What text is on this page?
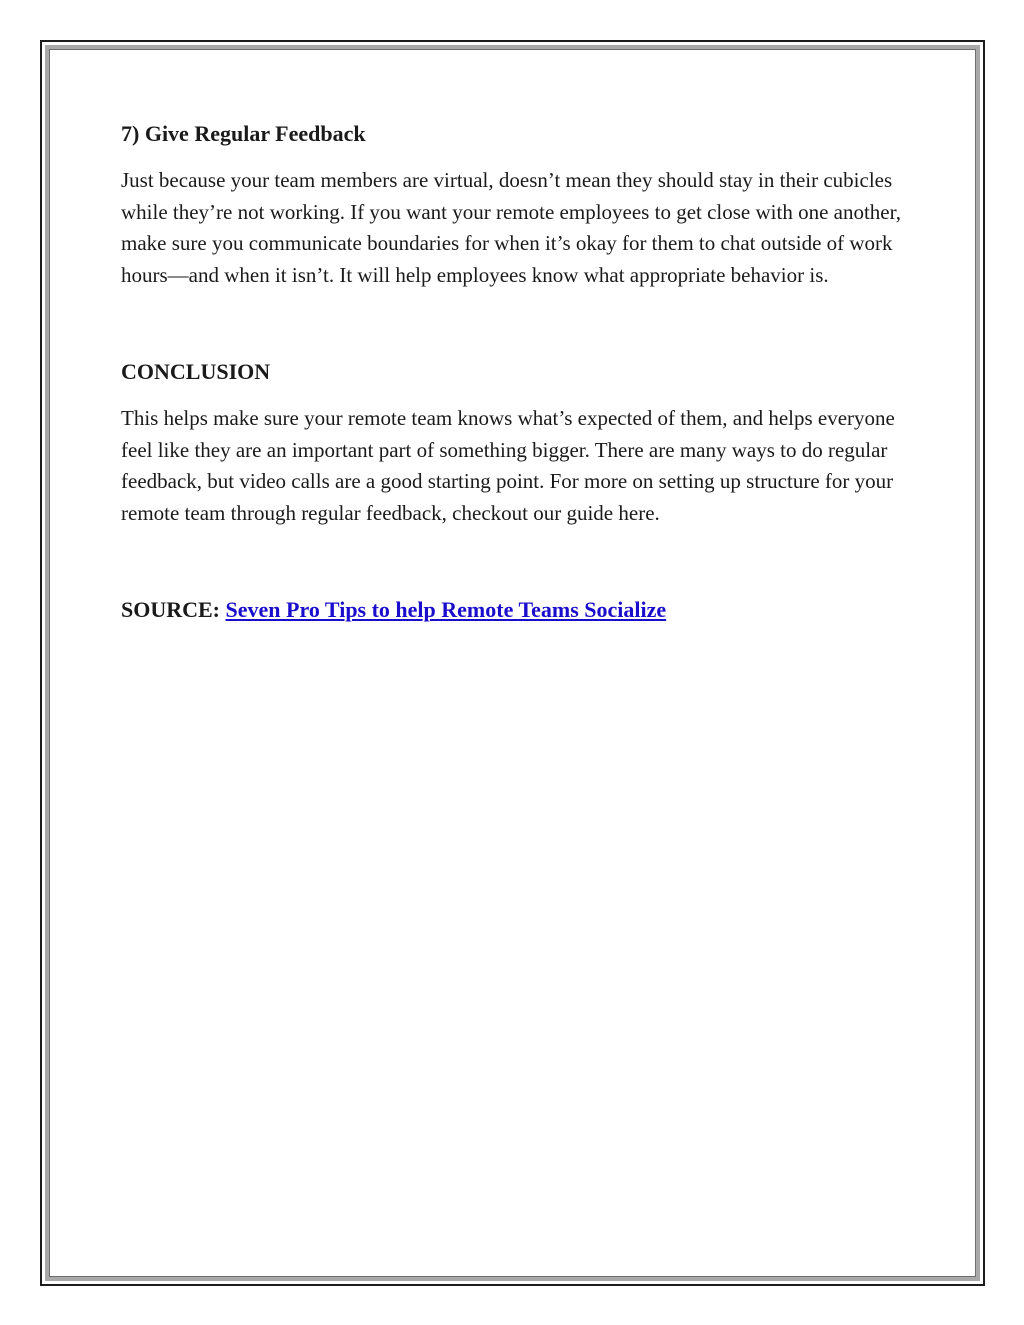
7) Give Regular Feedback

Just because your team members are virtual, doesn’t mean they should stay in their cubicles while they’re not working. If you want your remote employees to get close with one another, make sure you communicate boundaries for when it’s okay for them to chat outside of work hours—and when it isn’t. It will help employees know what appropriate behavior is.

CONCLUSION

This helps make sure your remote team knows what’s expected of them, and helps everyone feel like they are an important part of something bigger. There are many ways to do regular feedback, but video calls are a good starting point. For more on setting up structure for your remote team through regular feedback, checkout our guide here.

SOURCE: Seven Pro Tips to help Remote Teams Socialize
